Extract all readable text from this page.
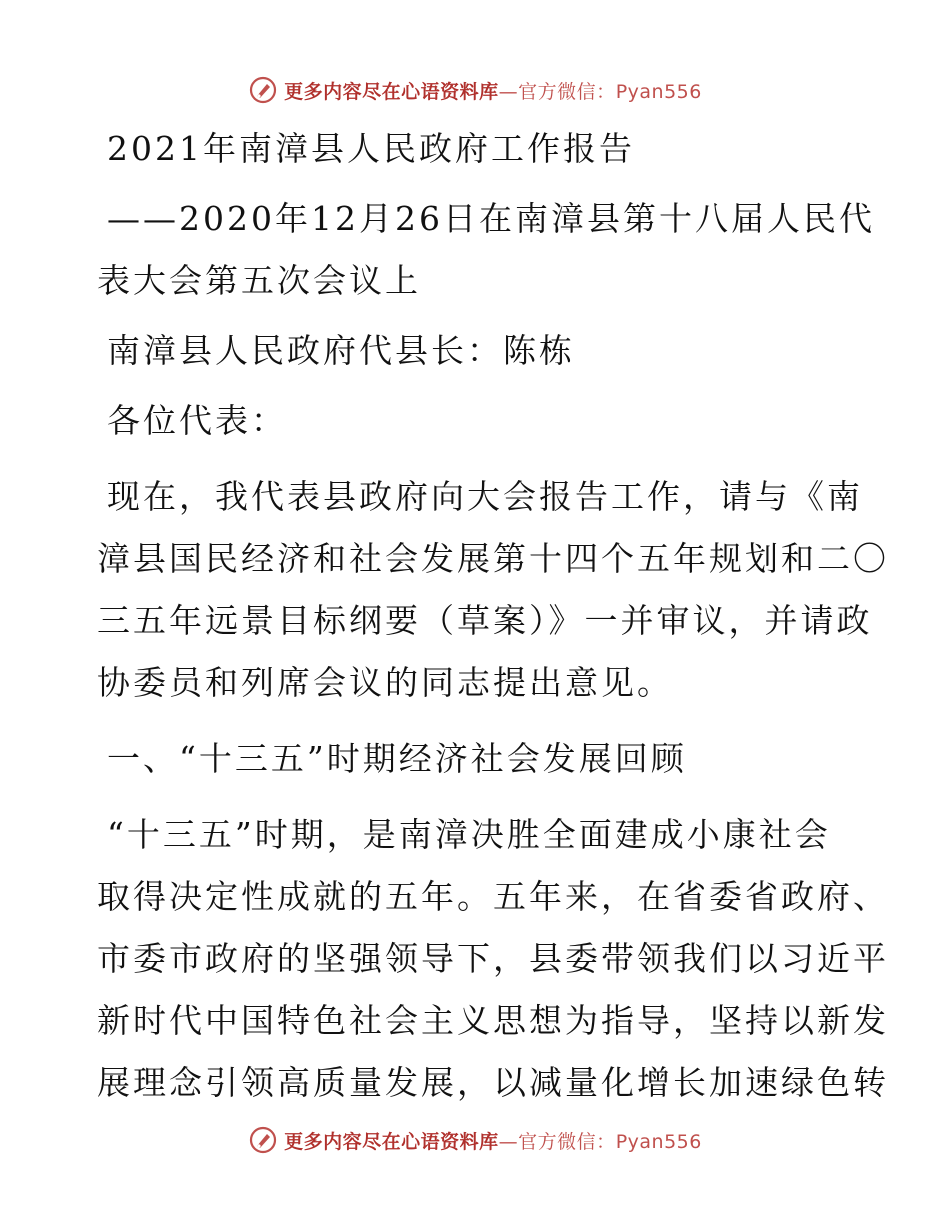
更多内容尽在心语资料库—官方微信：Pyan556

2021年南漳县人民政府工作报告

——2020年12月26日在南漳县第十八届人民代

表大会第五次会议上

南漳县人民政府代县长：陈栋

各位代表：

现在，我代表县政府向大会报告工作，请与《南

漳县国民经济和社会发展第十四个五年规划和二〇

三五年远景目标纲要（草案）》一并审议，并请政

协委员和列席会议的同志提出意见。

一、“十三五”时期经济社会发展回顾

“十三五”时期，是南漳决胜全面建成小康社会

取得决定性成就的五年。五年来，在省委省政府、

市委市政府的坚强领导下，县委带领我们以习近平

新时代中国特色社会主义思想为指导，坚持以新发

展理念引领高质量发展，以减量化增长加速绿色转

更多内容尽在心语资料库—官方微信：Pyan556
